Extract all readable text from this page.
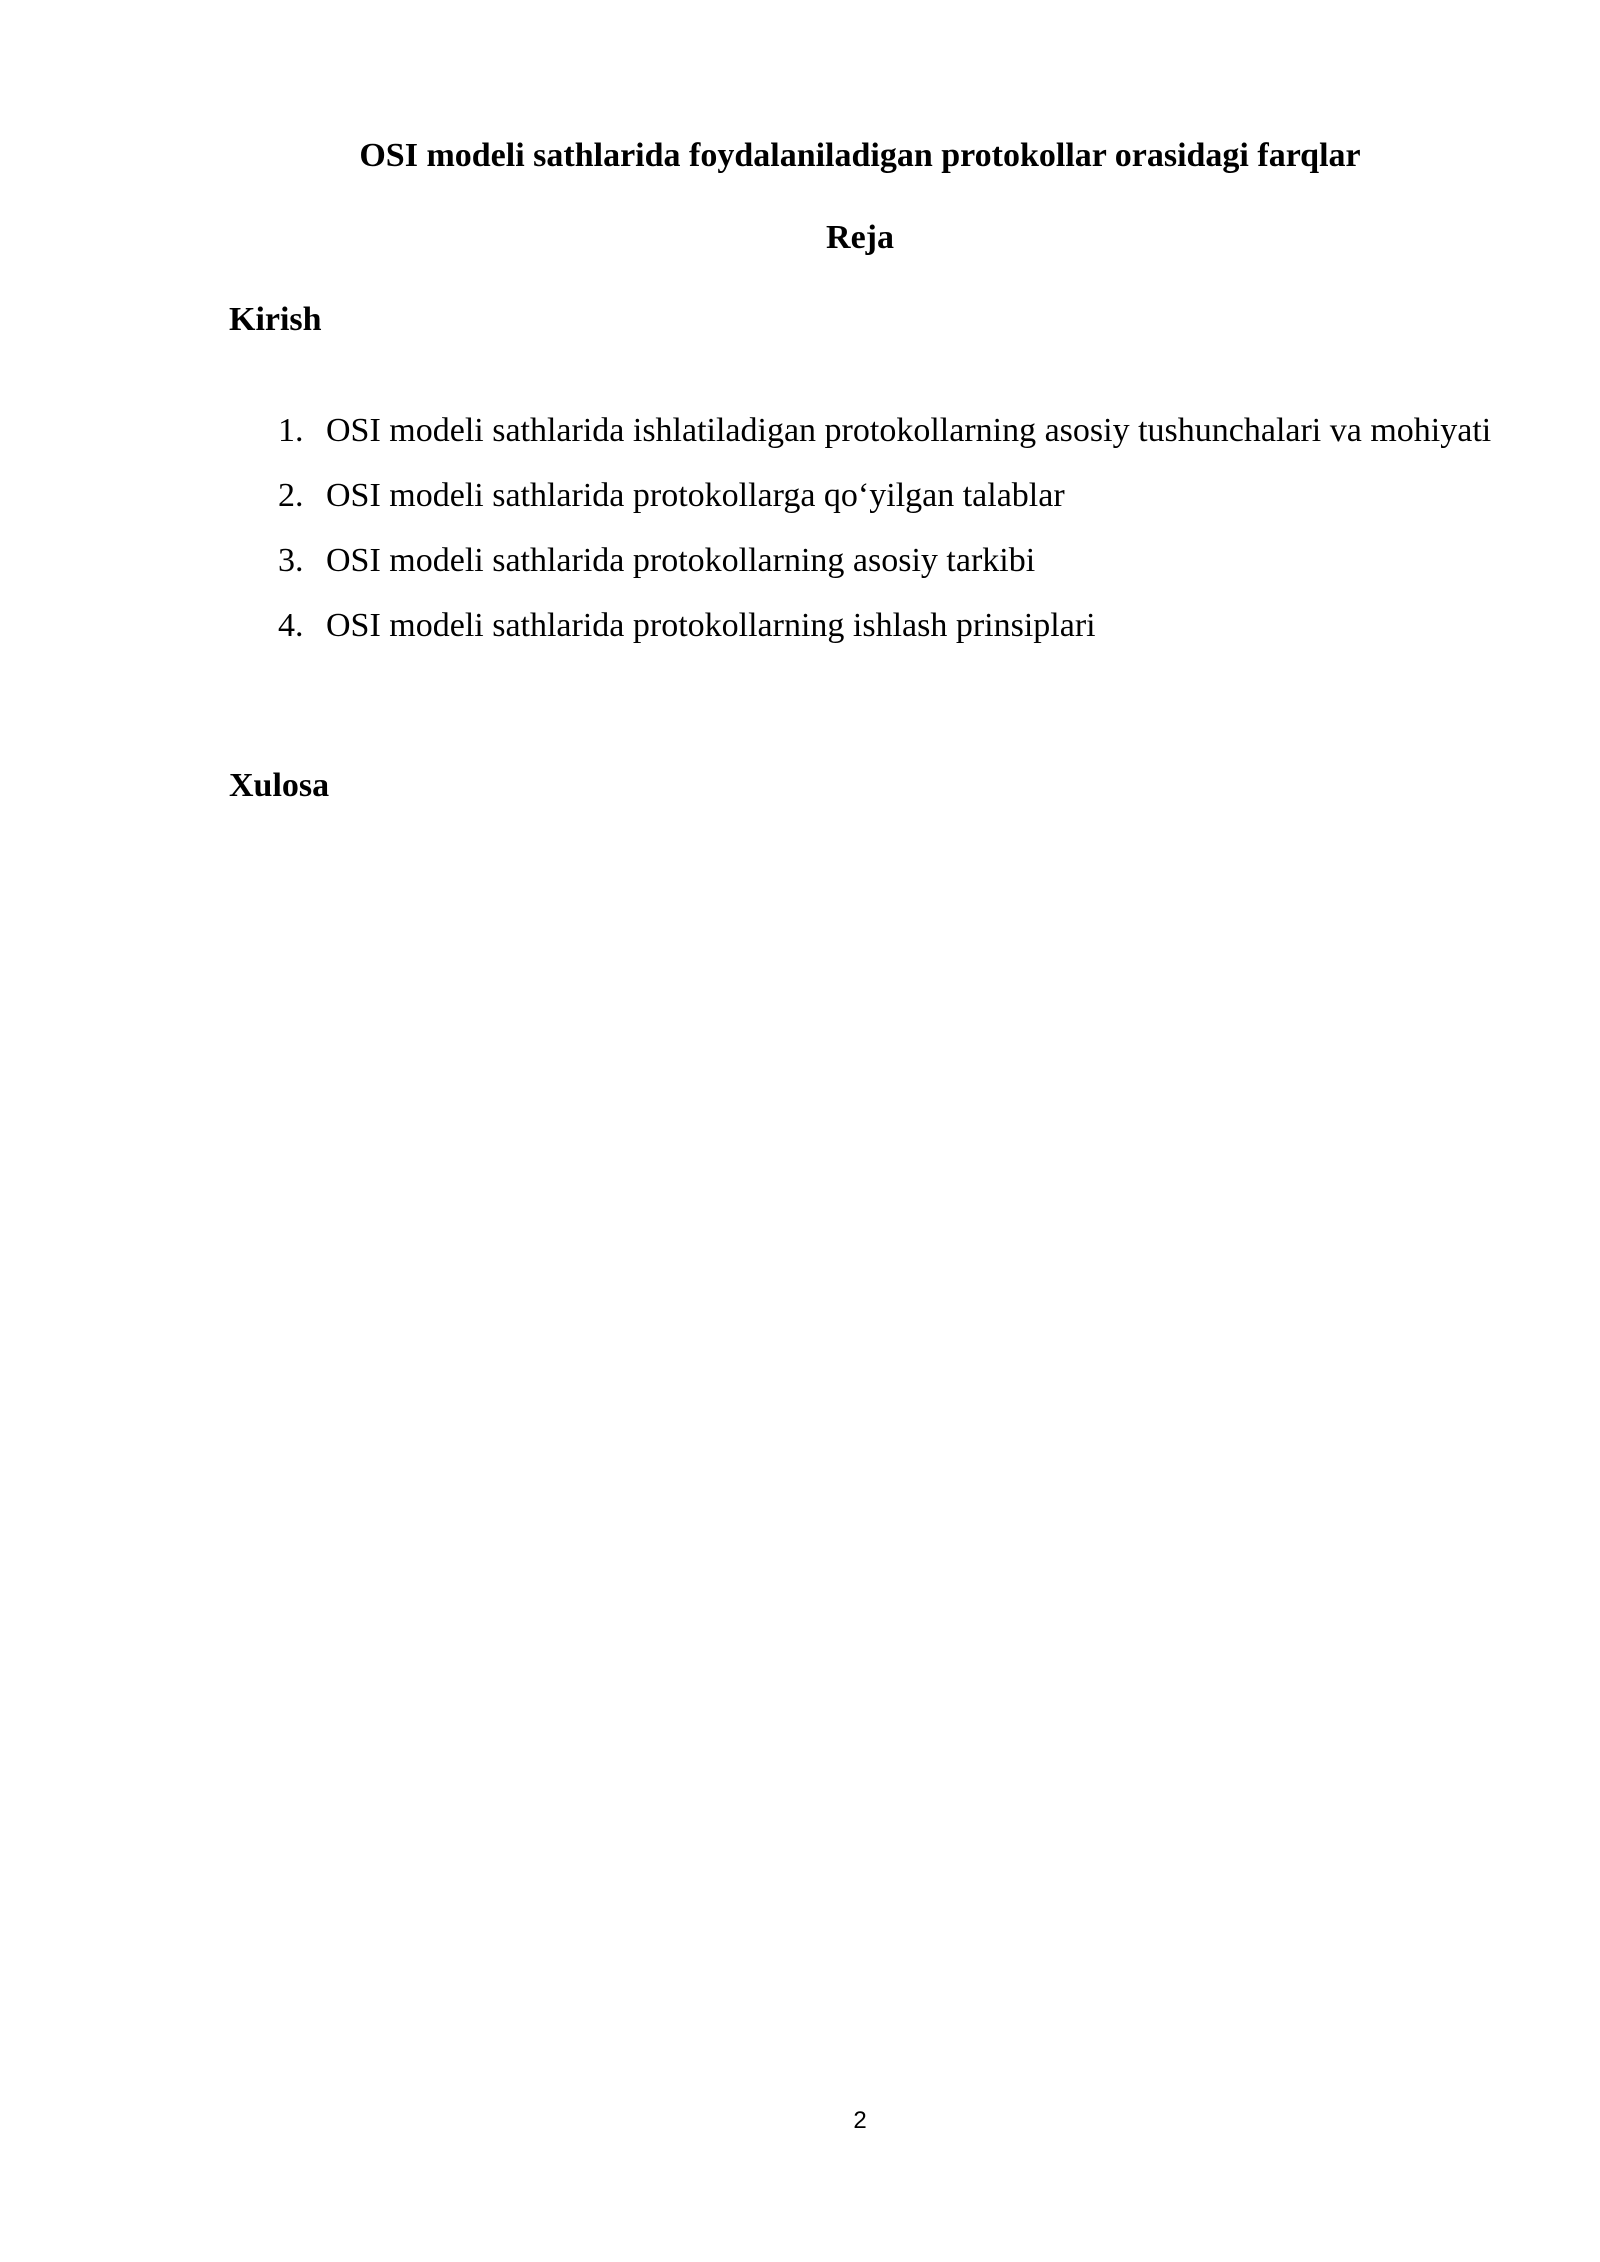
OSI modeli sathlarida foydalaniladigan protokollar orasidagi farqlar
Reja
Kirish
1. OSI modeli sathlarida ishlatiladigan protokollarning asosiy tushunchalari va mohiyati
2. OSI modeli sathlarida protokollarga qo‘yilgan talablar
3. OSI modeli sathlarida protokollarning asosiy tarkibi
4. OSI modeli sathlarida protokollarning ishlash prinsiplari
Xulosa
2
